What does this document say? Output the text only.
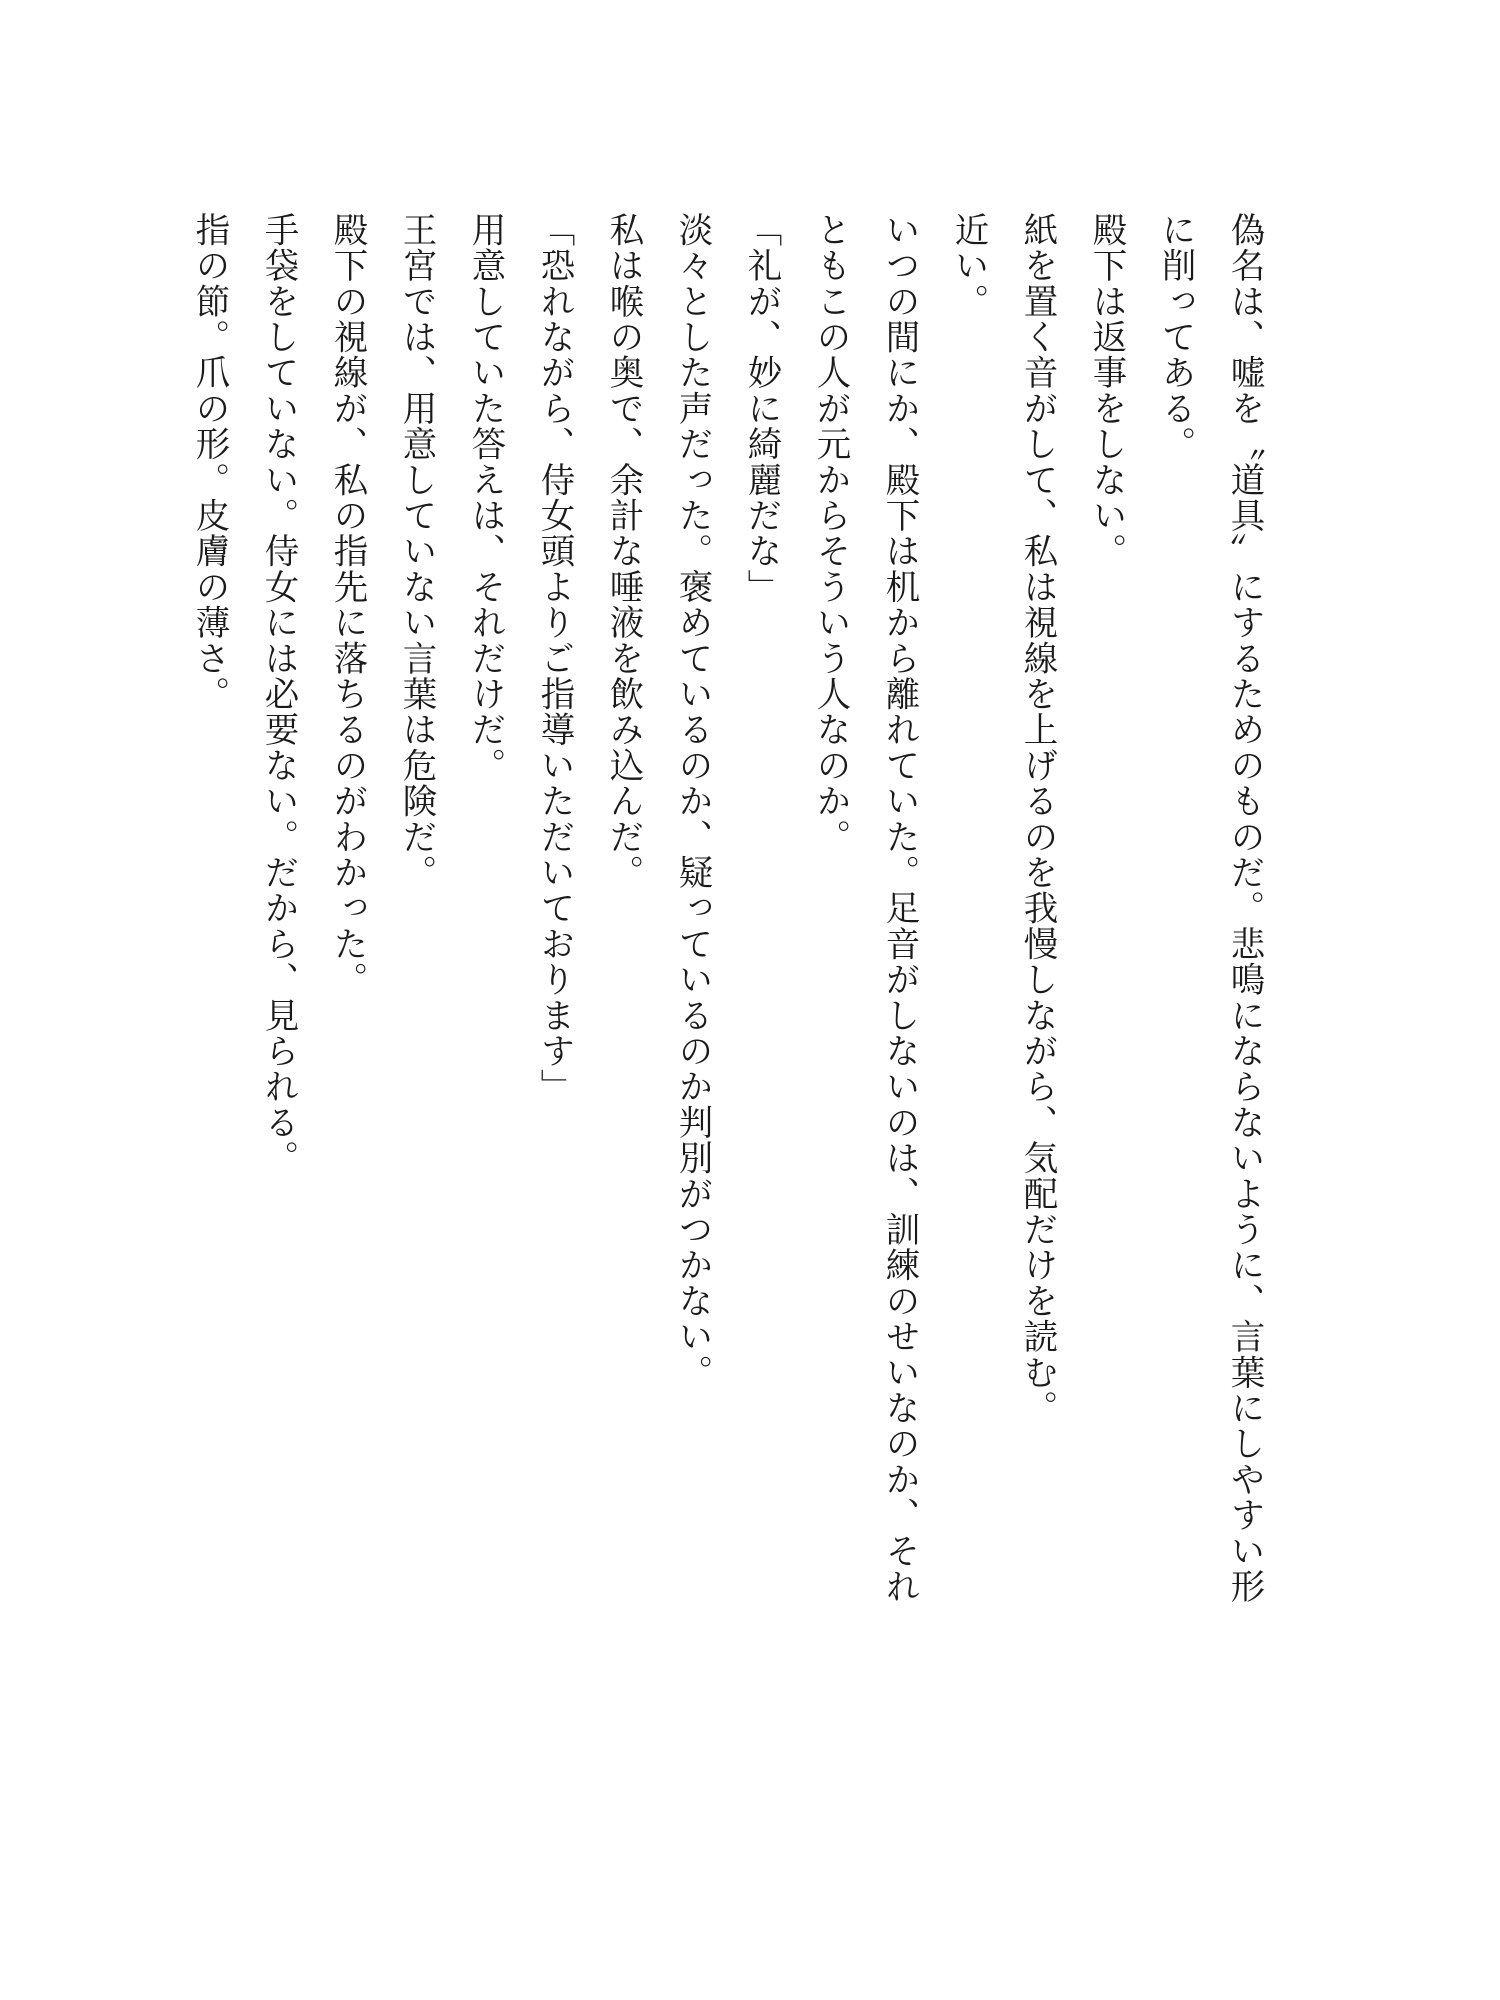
偽名は、嘘を〝道具〟にするためのものだ。悲鳴にならないように、言葉にしやすい形に削ってある。

殿下は返事をしない。

紙を置く音がして、私は視線を上げるのを我慢しながら、気配だけを読む。

近い。

いつの間にか、殿下は机から離れていた。足音がしないのは、訓練のせいなのか、それともこの人が元からそういう人なのか。

「礼が、妙に綺麗だな」

淡々とした声だった。褒めているのか、疑っているのか判別がつかない。

私は喉の奥で、余計な唾液を飲み込んだ。

「恐れながら、侍女頭よりご指導いただいております」

用意していた答えは、それだけだ。

王宮では、用意していない言葉は危険だ。

殿下の視線が、私の指先に落ちるのがわかった。

手袋をしていない。侍女には必要ない。だから、見られる。

指の節。爪の形。皮膚の薄さ。
